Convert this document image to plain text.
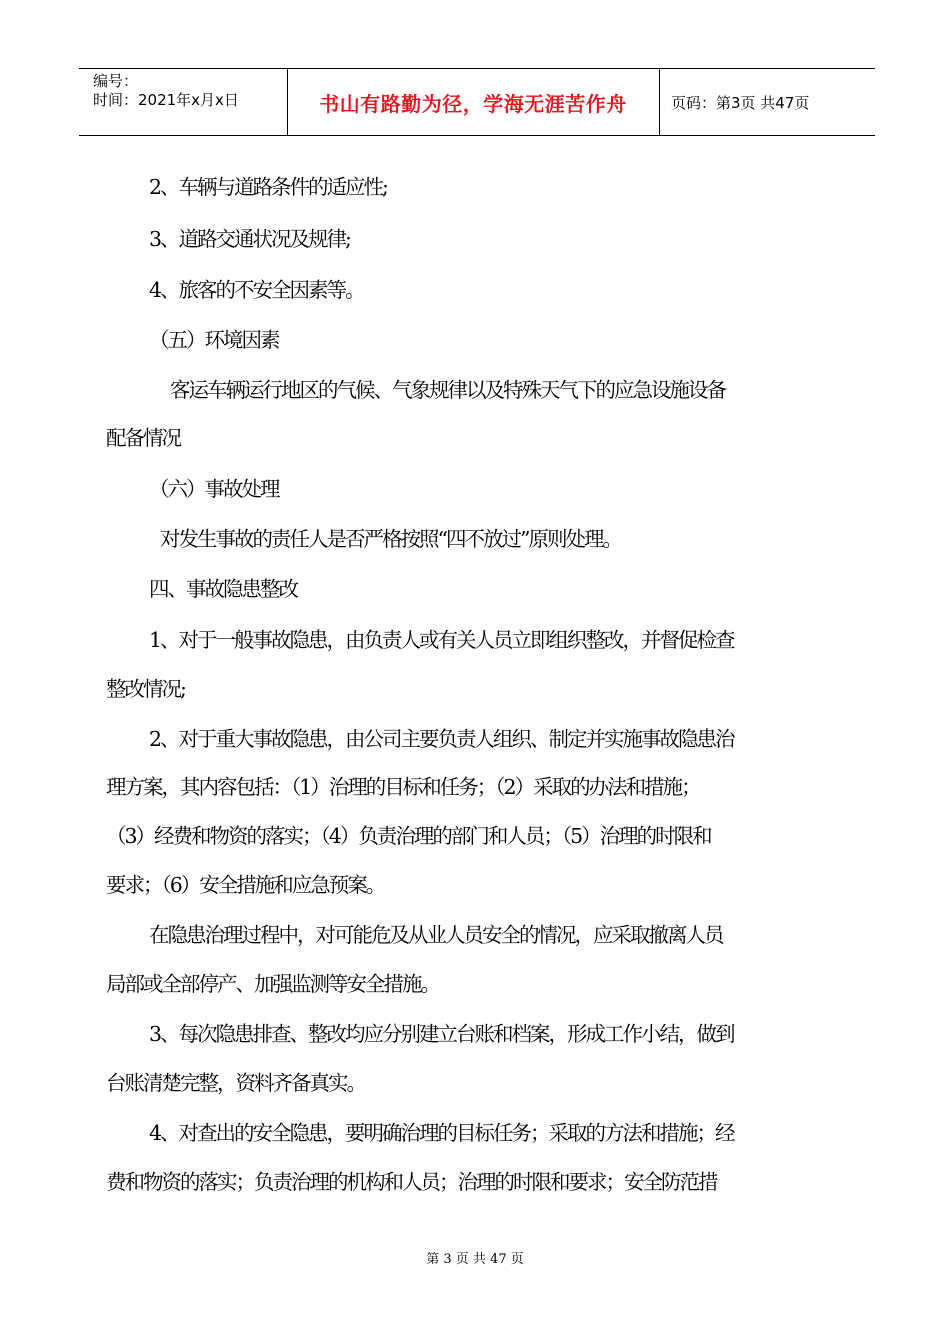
编号：
时间：2021年x月x日	书山有路勤为径，学海无涯苦作舟	页码：第3页 共47页
2、车辆与道路条件的适应性;
3、道路交通状况及规律;
4、旅客的不安全因素等。
（五）环境因素
客运车辆运行地区的气候、气象规律以及特殊天气下的应急设施设备
配备情况
（六）事故处理
对发生事故的责任人是否严格按照“四不放过”原则处理。
四、事故隐患整改
1、对于一般事故隐患，由负责人或有关人员立即组织整改，并督促检查
整改情况;
2、对于重大事故隐患，由公司主要负责人组织、制定并实施事故隐患治
理方案，其内容包括：（1）治理的目标和任务；（2）采取的办法和措施；
（3）经费和物资的落实；（4）负责治理的部门和人员；（5）治理的时限和
要求；（6）安全措施和应急预案。
在隐患治理过程中，对可能危及从业人员安全的情况，应采取撤离人员
局部或全部停产、加强监测等安全措施。
3、每次隐患排查、整改均应分别建立台账和档案，形成工作小结，做到
台账清楚完整，资料齐备真实。
4、对查出的安全隐患，要明确治理的目标任务；采取的方法和措施；经
费和物资的落实；负责治理的机构和人员；治理的时限和要求；安全防范措
第 3 页 共 47 页
